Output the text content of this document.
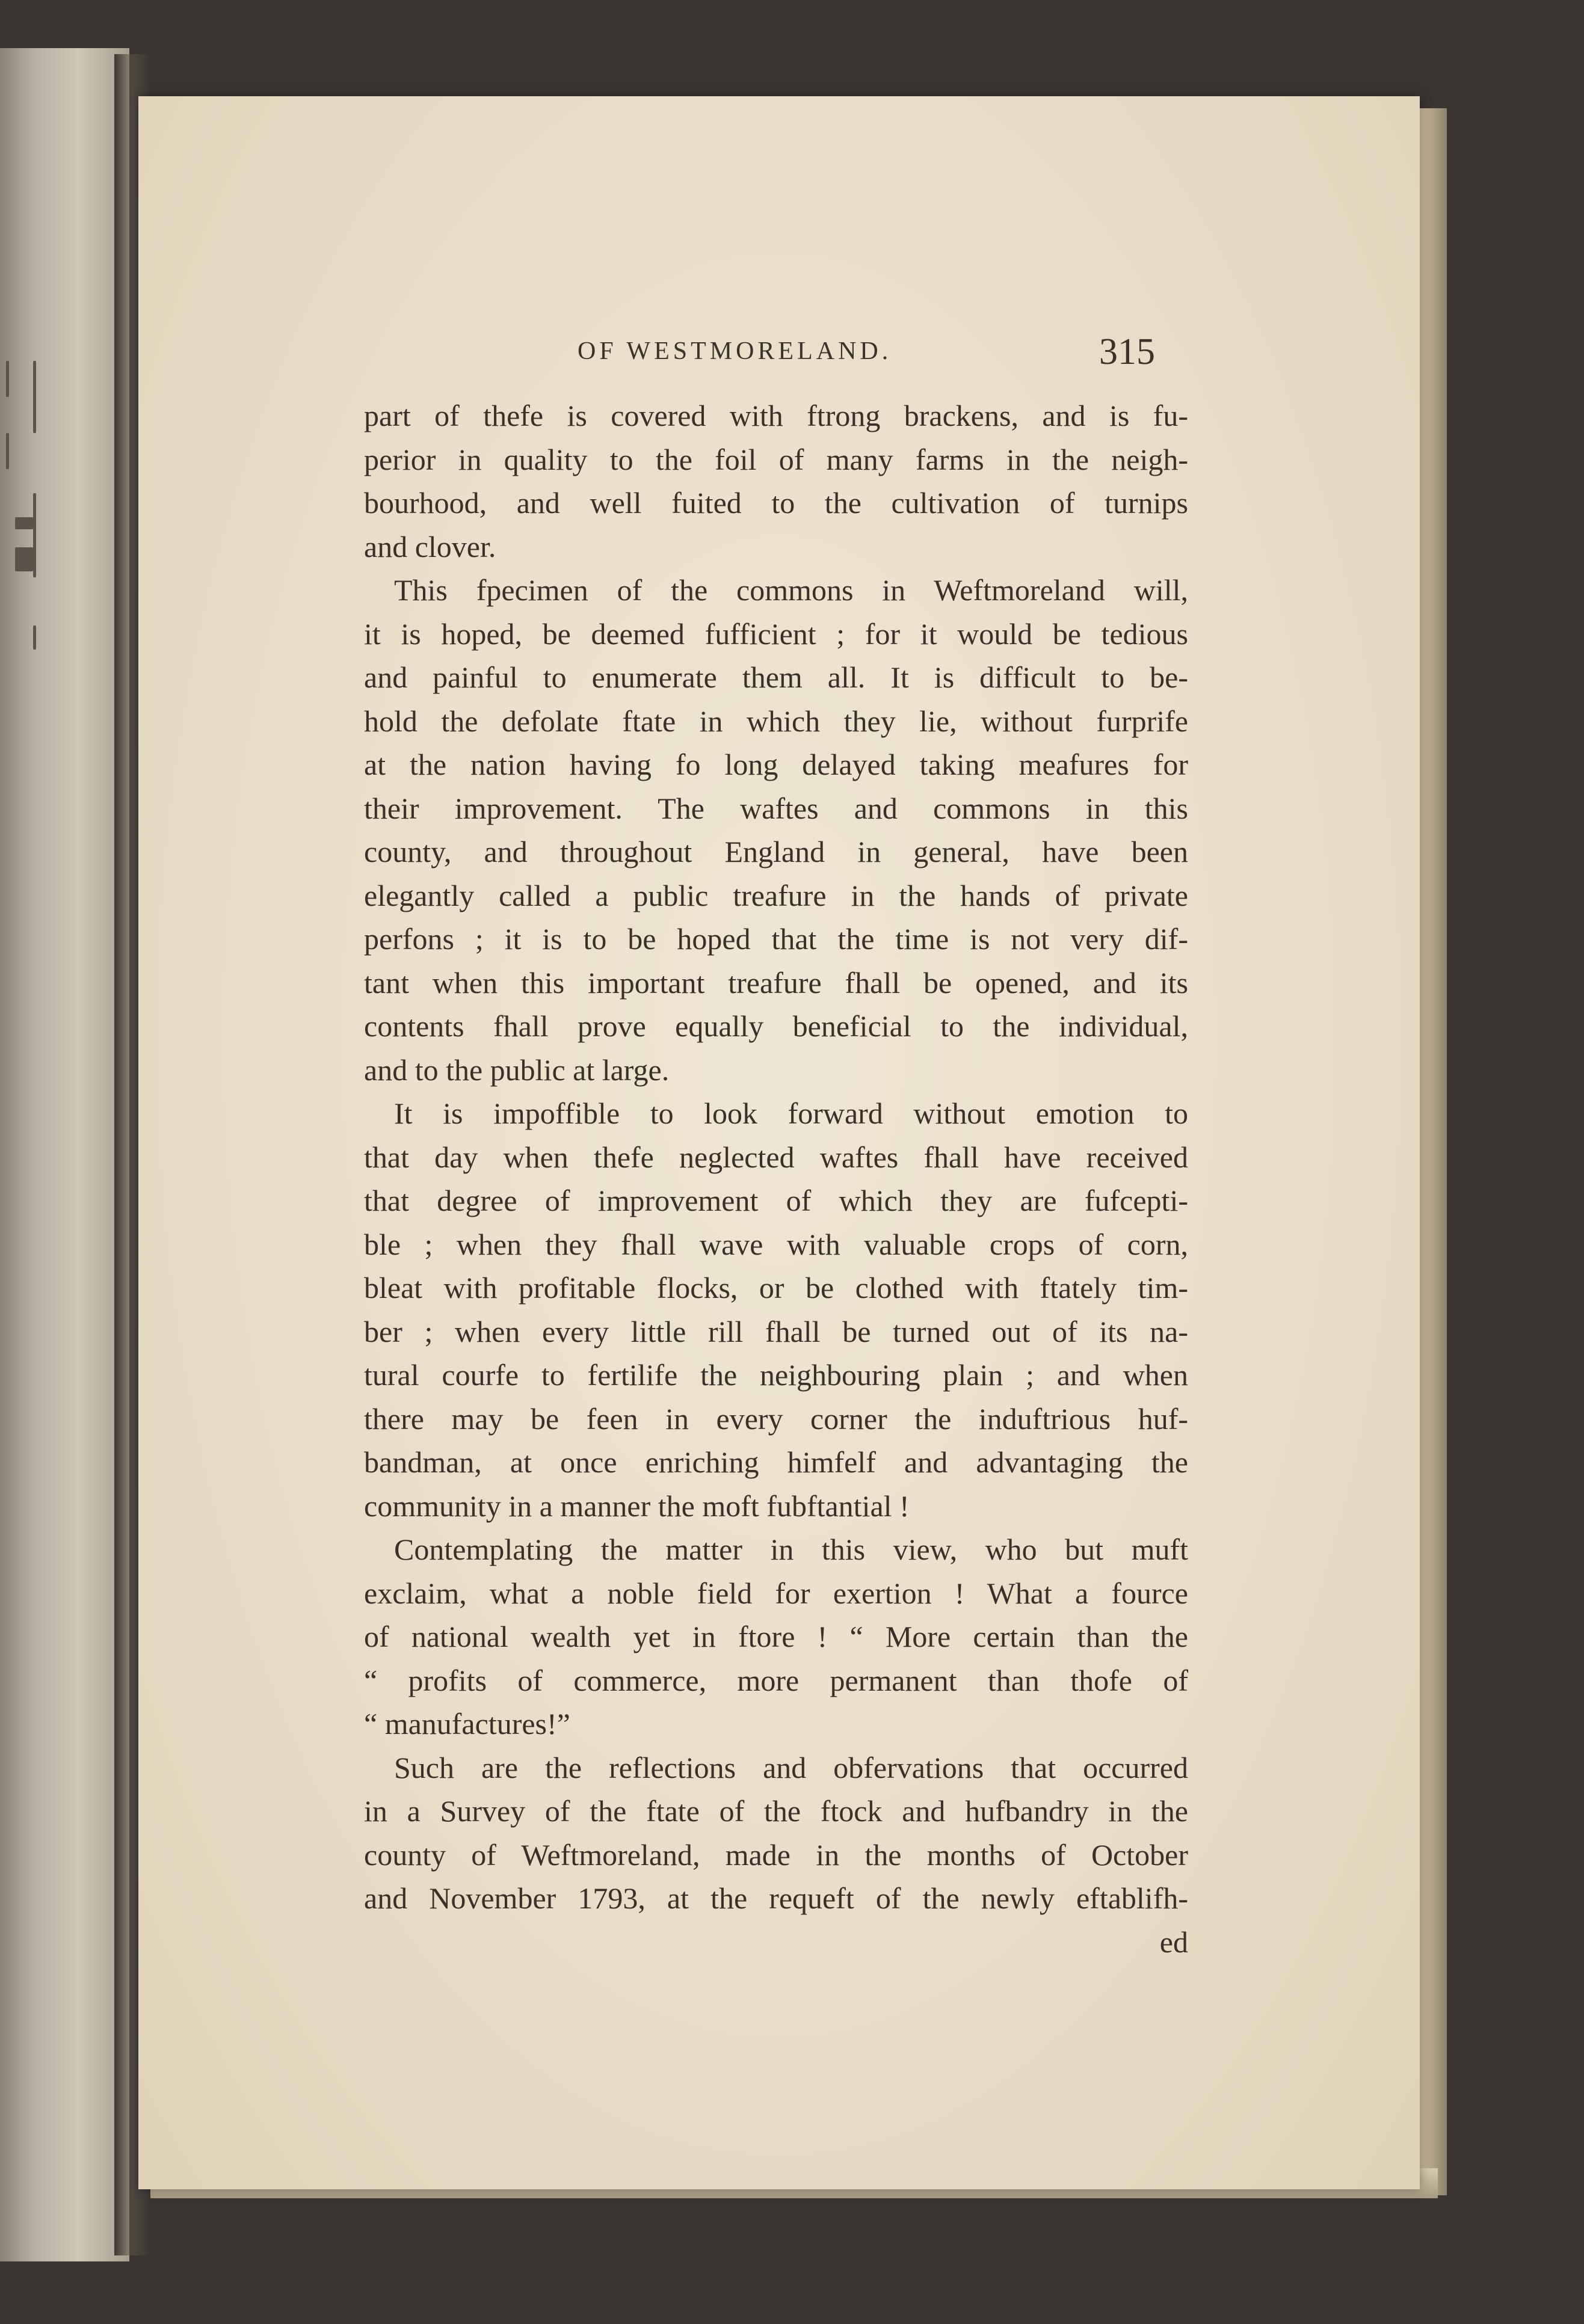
OF WESTMORELAND.	315
part of thefe is covered with ftrong brackens, and is fu-
perior in quality to the foil of many farms in the neigh-
bourhood, and well fuited to the cultivation of turnips
and clover.
This fpecimen of the commons in Weftmoreland will,
it is hoped, be deemed fufficient ; for it would be tedious
and painful to enumerate them all. It is difficult to be-
hold the defolate ftate in which they lie, without furprife
at the nation having fo long delayed taking meafures for
their improvement. The waftes and commons in this
county, and throughout England in general, have been
elegantly called a public treafure in the hands of private
perfons ; it is to be hoped that the time is not very dif-
tant when this important treafure fhall be opened, and its
contents fhall prove equally beneficial to the individual,
and to the public at large.
It is impoffible to look forward without emotion to
that day when thefe neglected waftes fhall have received
that degree of improvement of which they are fufcepti-
ble ; when they fhall wave with valuable crops of corn,
bleat with profitable flocks, or be clothed with ftately tim-
ber ; when every little rill fhall be turned out of its na-
tural courfe to fertilife the neighbouring plain ; and when
there may be feen in every corner the induftrious huf-
bandman, at once enriching himfelf and advantaging the
community in a manner the moft fubftantial !
Contemplating the matter in this view, who but muft
exclaim, what a noble field for exertion ! What a fource
of national wealth yet in ftore ! “ More certain than the
“ profits of commerce, more permanent than thofe of
“ manufactures!”
Such are the reflections and obfervations that occurred
in a Survey of the ftate of the ftock and hufbandry in the
county of Weftmoreland, made in the months of October
and November 1793, at the requeft of the newly eftablifh-
ed
